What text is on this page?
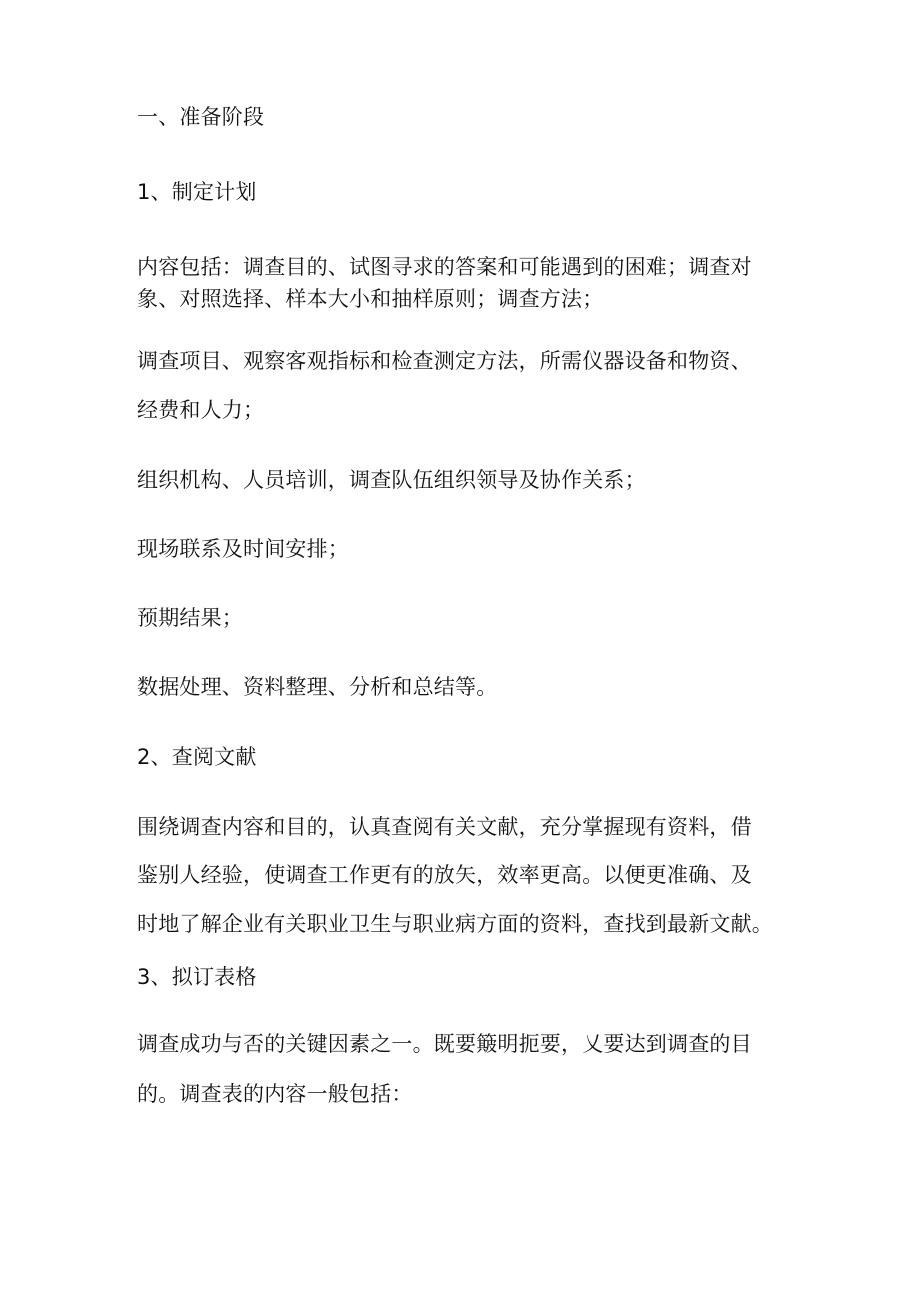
一、准备阶段

1、制定计划

内容包括：调查目的、试图寻求的答案和可能遇到的困难；调查对

象、对照选择、样本大小和抽样原则；调查方法；

调查项目、观察客观指标和检查测定方法，所需仪器设备和物资、

经费和人力；

组织机构、人员培训，调查队伍组织领导及协作关系；

现场联系及时间安排；

预期结果；

数据处理、资料整理、分析和总结等。

2、查阅文献

围绕调查内容和目的，认真查阅有关文献，充分掌握现有资料，借

鉴别人经验，使调查工作更有的放矢，效率更高。以便更准确、及

时地了解企业有关职业卫生与职业病方面的资料，查找到最新文献。

3、拟订表格

调查成功与否的关键因素之一。既要簸明扼要，乂要达到调查的目

的。调查表的内容一般包括：
